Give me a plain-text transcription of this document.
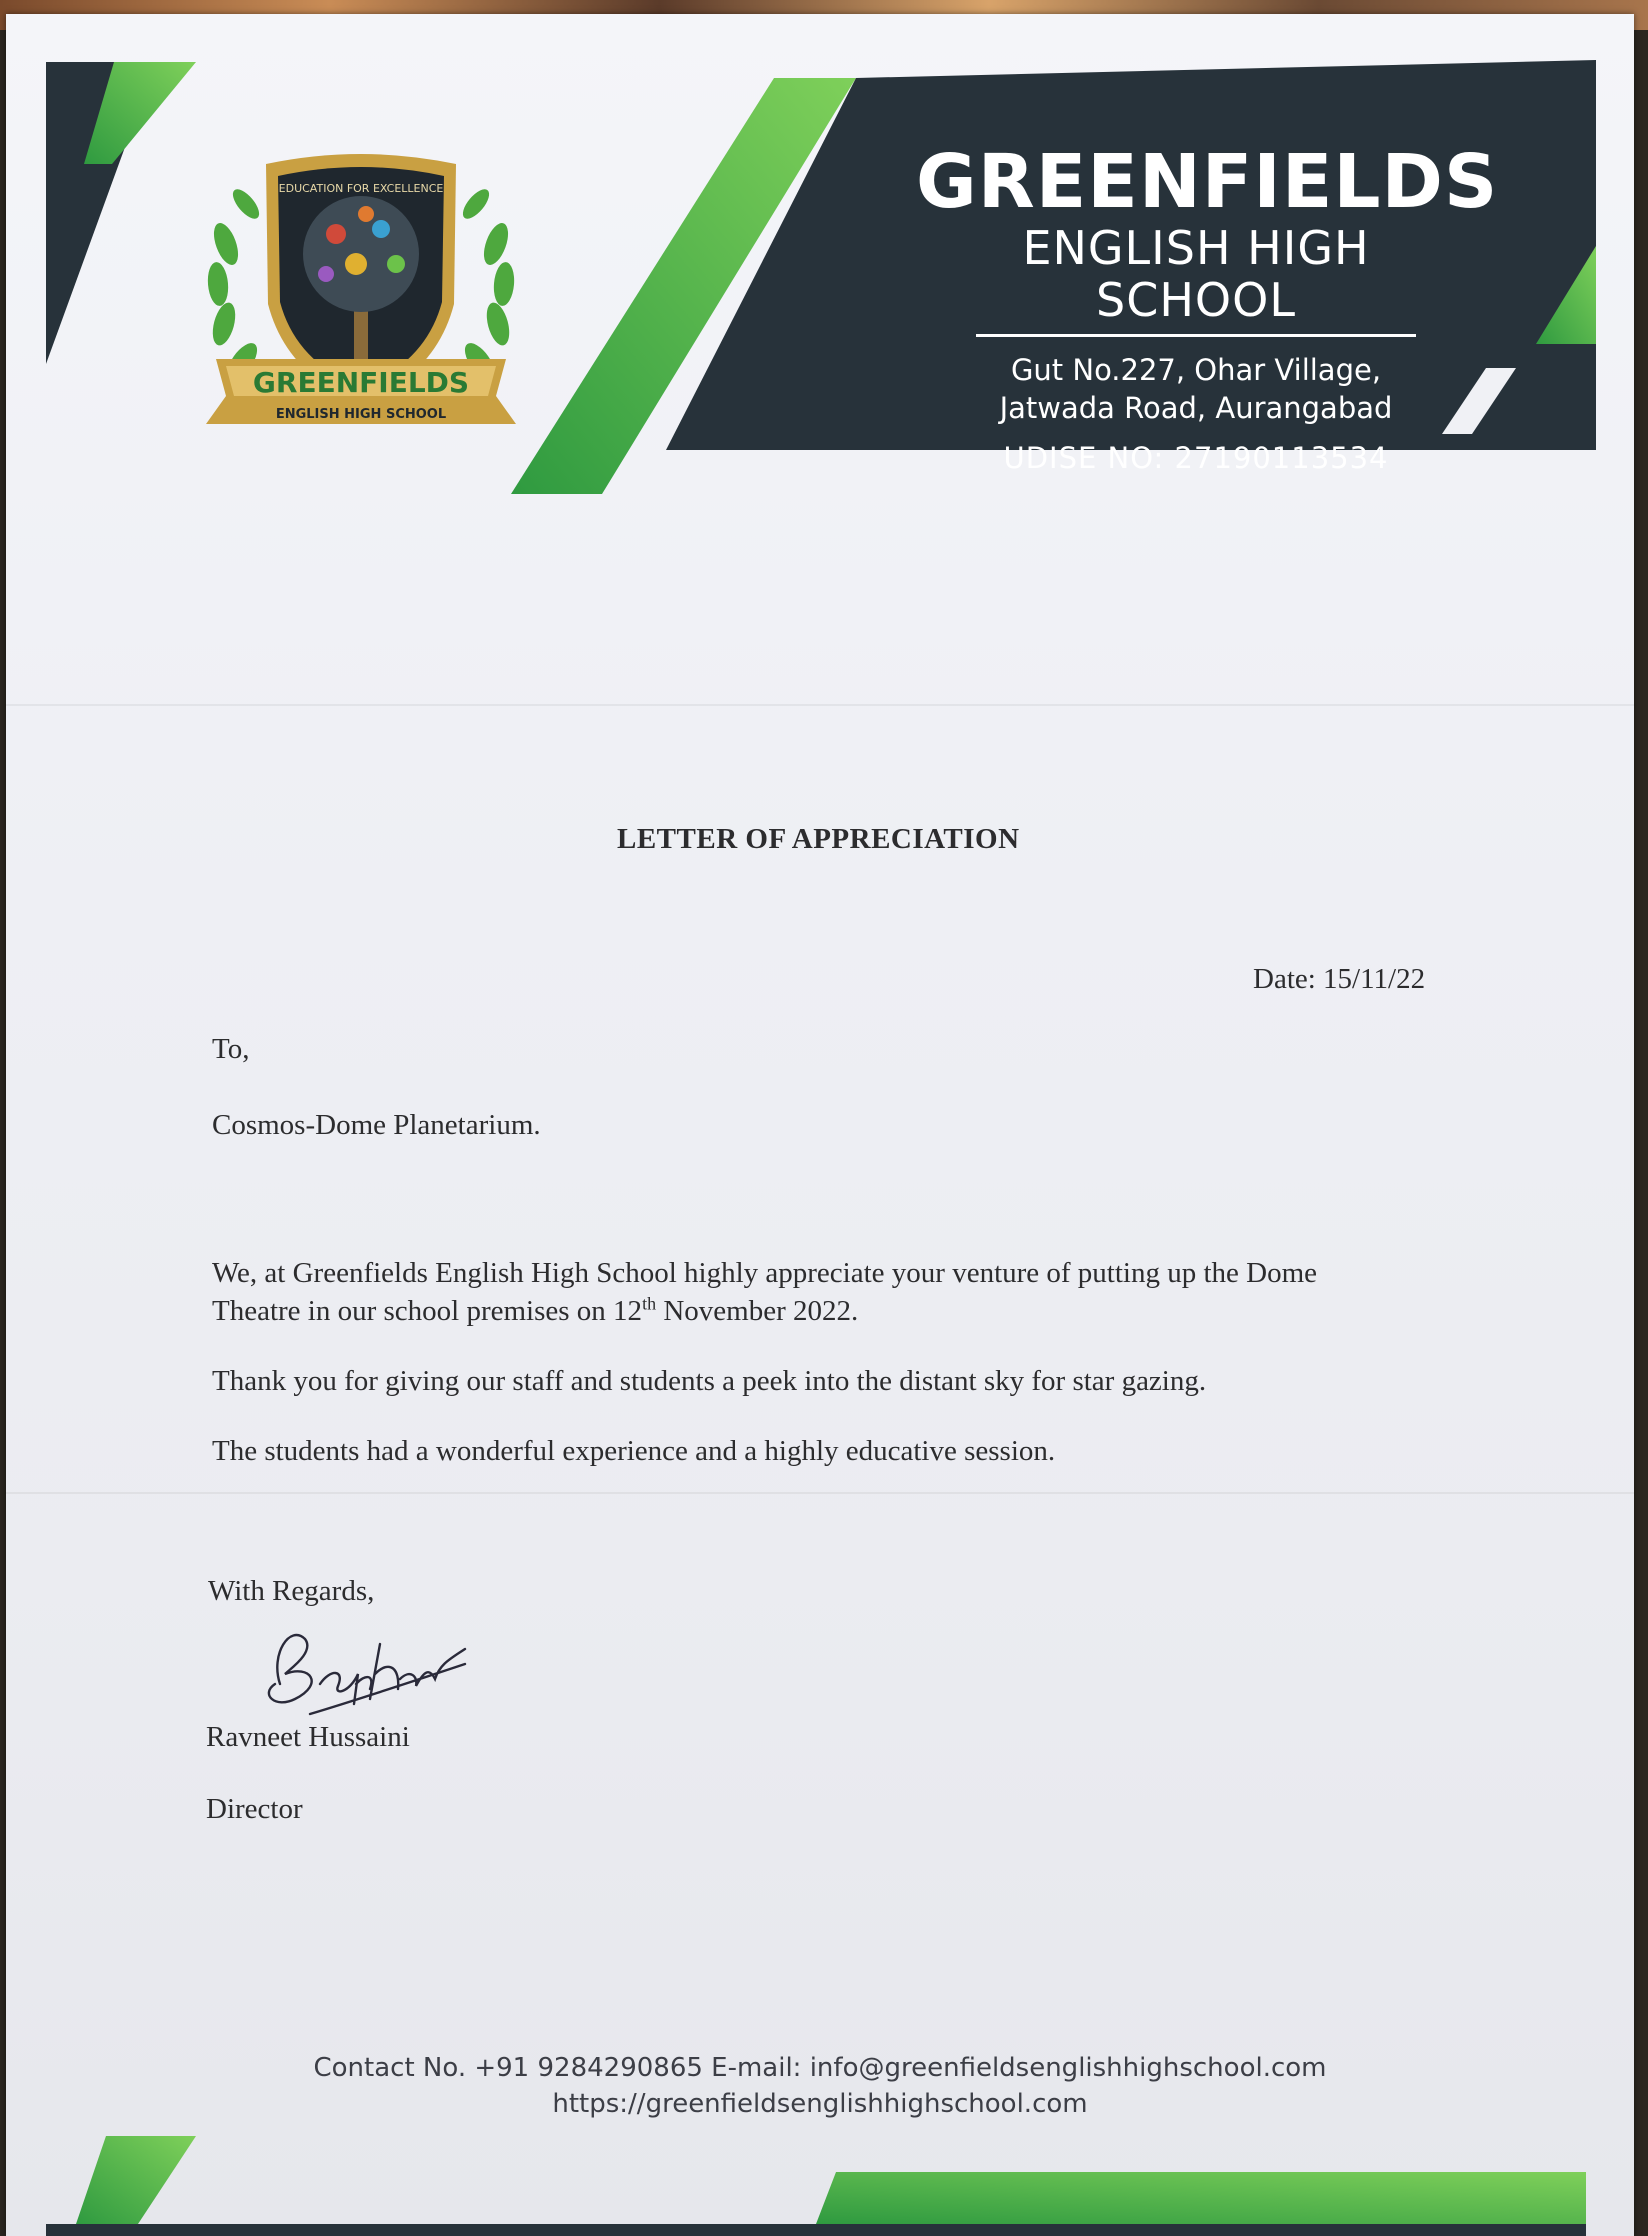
EDUCATION FOR EXCELLENCE
GREENFIELDS
ENGLISH HIGH SCHOOL
GREENFIELDS
ENGLISH HIGH SCHOOL
Gut No.227, Ohar Village,
Jatwada Road, Aurangabad
UDISE NO: 27190113534
LETTER OF APPRECIATION
Date: 15/11/22
To,
Cosmos-Dome Planetarium.
We, at Greenfields English High School highly appreciate your venture of putting up the Dome
Theatre in our school premises on 12th November 2022.
Thank you for giving our staff and students a peek into the distant sky for star gazing.
The students had a wonderful experience and a highly educative session.
With Regards,
Ravneet Hussaini
Director
Contact No. +91 9284290865 E-mail: info@greenfieldsenglishhighschool.com
https://greenfieldsenglishhighschool.com
